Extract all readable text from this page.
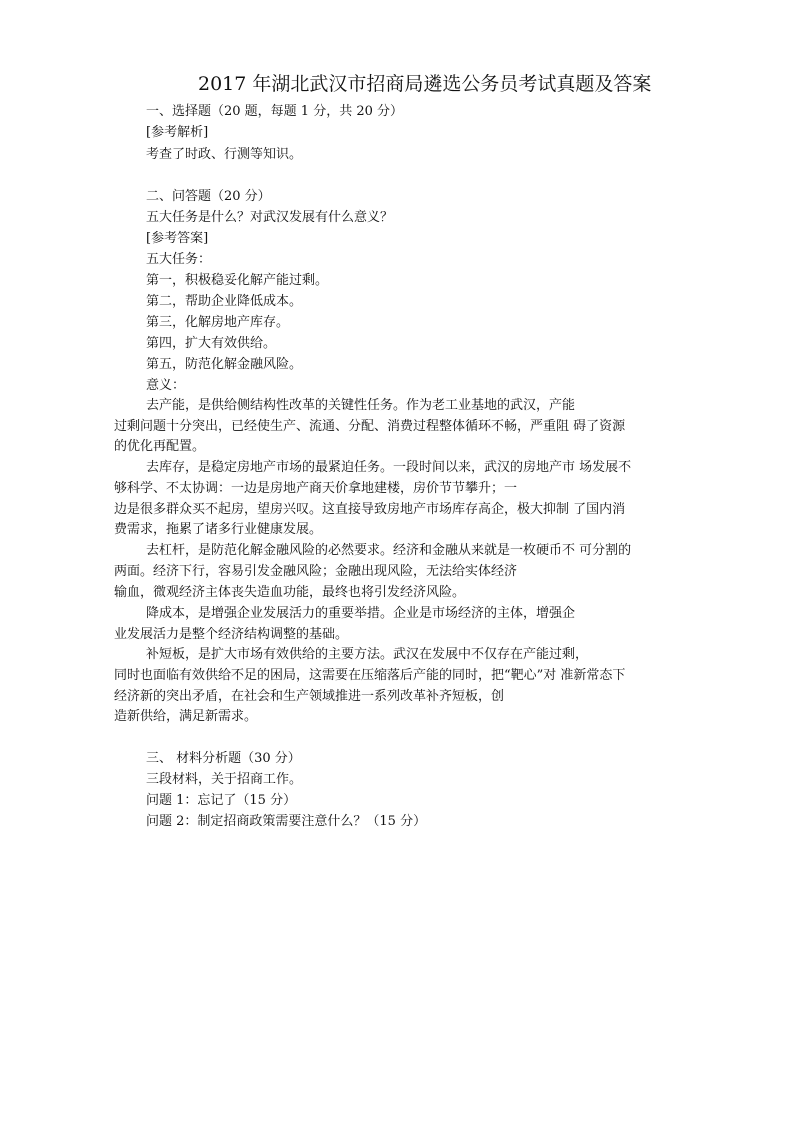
2017 年湖北武汉市招商局遴选公务员考试真题及答案
一、选择题（20 题，每题 1 分，共 20 分）
[参考解析]
考查了时政、行测等知识。
二、问答题（20 分）
五大任务是什么？对武汉发展有什么意义？
[参考答案]
五大任务：
第一，积极稳妥化解产能过剩。
第二，帮助企业降低成本。
第三，化解房地产库存。
第四，扩大有效供给。
第五，防范化解金融风险。
意义：
去产能，是供给侧结构性改革的关键性任务。作为老工业基地的武汉，产能
过剩问题十分突出，已经使生产、流通、分配、消费过程整体循环不畅，严重阻 碍了资源
的优化再配置。
去库存，是稳定房地产市场的最紧迫任务。一段时间以来，武汉的房地产市 场发展不
够科学、不太协调：一边是房地产商天价拿地建楼，房价节节攀升；一
边是很多群众买不起房，望房兴叹。这直接导致房地产市场库存高企，极大抑制 了国内消
费需求，拖累了诸多行业健康发展。
去杠杆，是防范化解金融风险的必然要求。经济和金融从来就是一枚硬币不 可分割的
两面。经济下行，容易引发金融风险；金融出现风险，无法给实体经济
输血，微观经济主体丧失造血功能，最终也将引发经济风险。
降成本，是增强企业发展活力的重要举措。企业是市场经济的主体，增强企
业发展活力是整个经济结构调整的基础。
补短板，是扩大市场有效供给的主要方法。武汉在发展中不仅存在产能过剩，
同时也面临有效供给不足的困局，这需要在压缩落后产能的同时，把“靶心”对 准新常态下
经济新的突出矛盾，在社会和生产领域推进一系列改革补齐短板，创
造新供给，满足新需求。
三、 材料分析题（30 分）
三段材料，关于招商工作。
问题 1：忘记了（15 分）
问题 2：制定招商政策需要注意什么？（15 分）
